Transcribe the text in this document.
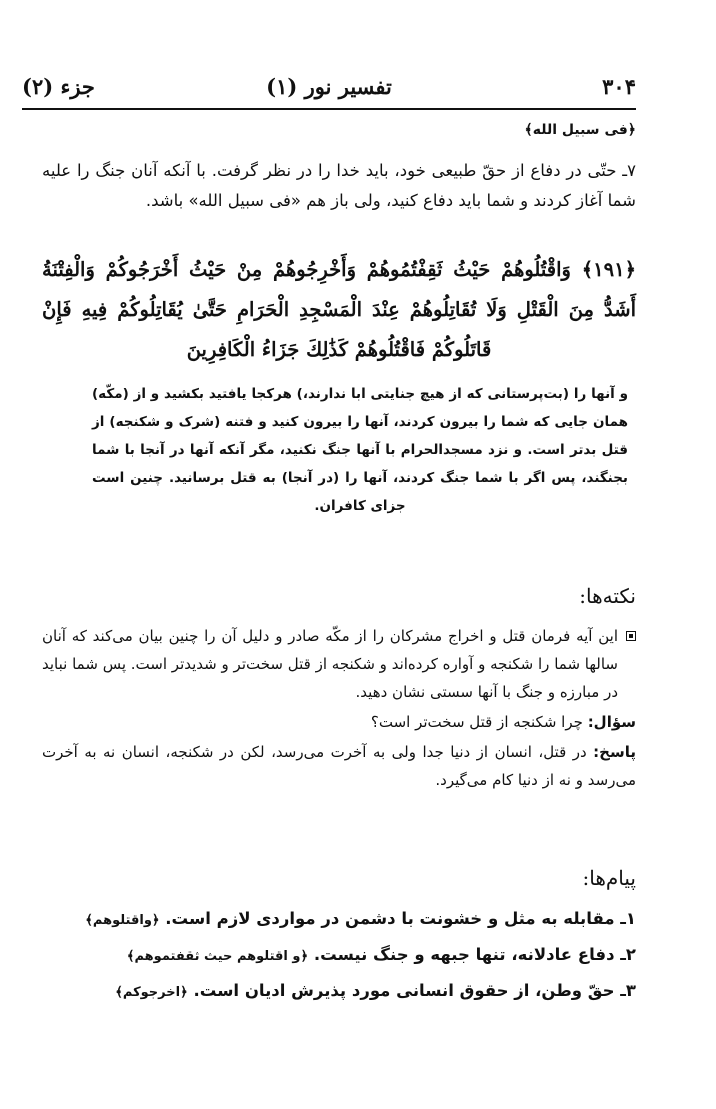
۳۰۴
تفسیر نور (۱)
جزء (۲)
﴿فى سبيل الله﴾
۷ـ حتّی در دفاع از حقّ طبیعی خود، باید خدا را در نظر گرفت. با آنکه آنان جنگ را علیه شما آغاز کردند و شما باید دفاع کنید، ولی باز هم «فی سبیل الله» باشد.
﴿۱۹۱﴾ وَاقْتُلُوهُمْ حَيْثُ ثَقِفْتُمُوهُمْ وَأَخْرِجُوهُمْ مِنْ حَيْثُ أَخْرَجُوكُمْ وَالْفِتْنَةُ أَشَدُّ مِنَ الْقَتْلِ وَلَا تُقَاتِلُوهُمْ عِنْدَ الْمَسْجِدِ الْحَرَامِ حَتَّىٰ يُقَاتِلُوكُمْ فِيهِ فَإِنْ قَاتَلُوكُمْ فَاقْتُلُوهُمْ كَذَٰلِكَ جَزَاءُ الْكَافِرِينَ
و آنها را (بت‌پرستانی که از هیچ جنایتی ابا ندارند،) هرکجا یافتید بکشید و از (مکّه) همان جایی که شما را بیرون کردند، آنها را بیرون کنید و فتنه (شرک و شکنجه) از قتل بدتر است. و نزد مسجدالحرام با آنها جنگ نکنید، مگر آنکه آنها در آنجا با شما بجنگند، پس اگر با شما جنگ کردند، آنها را (در آنجا) به قتل برسانید. چنین است جزای کافران.
نکته‌ها:
این آیه فرمان قتل و اخراج مشرکان را از مکّه صادر و دلیل آن را چنین بیان می‌کند که آنان سالها شما را شکنجه و آواره کرده‌اند و شکنجه از قتل سخت‌تر و شدیدتر است. پس شما نباید در مبارزه و جنگ با آنها سستی نشان دهید.
سؤال: چرا شکنجه از قتل سخت‌تر است؟
پاسخ: در قتل، انسان از دنیا جدا ولی به آخرت می‌رسد، لکن در شکنجه، انسان نه به آخرت می‌رسد و نه از دنیا کام می‌گیرد.
پیام‌ها:
۱ـ مقابله به مثل و خشونت با دشمن در مواردی لازم است. ﴿واقتلوهم﴾
۲ـ دفاع عادلانه، تنها جبهه و جنگ نیست. ﴿و اقتلوهم حيث ثقفتموهم﴾
۳ـ حقّ وطن، از حقوق انسانی مورد پذیرش ادیان است. ﴿اخرجوكم﴾
